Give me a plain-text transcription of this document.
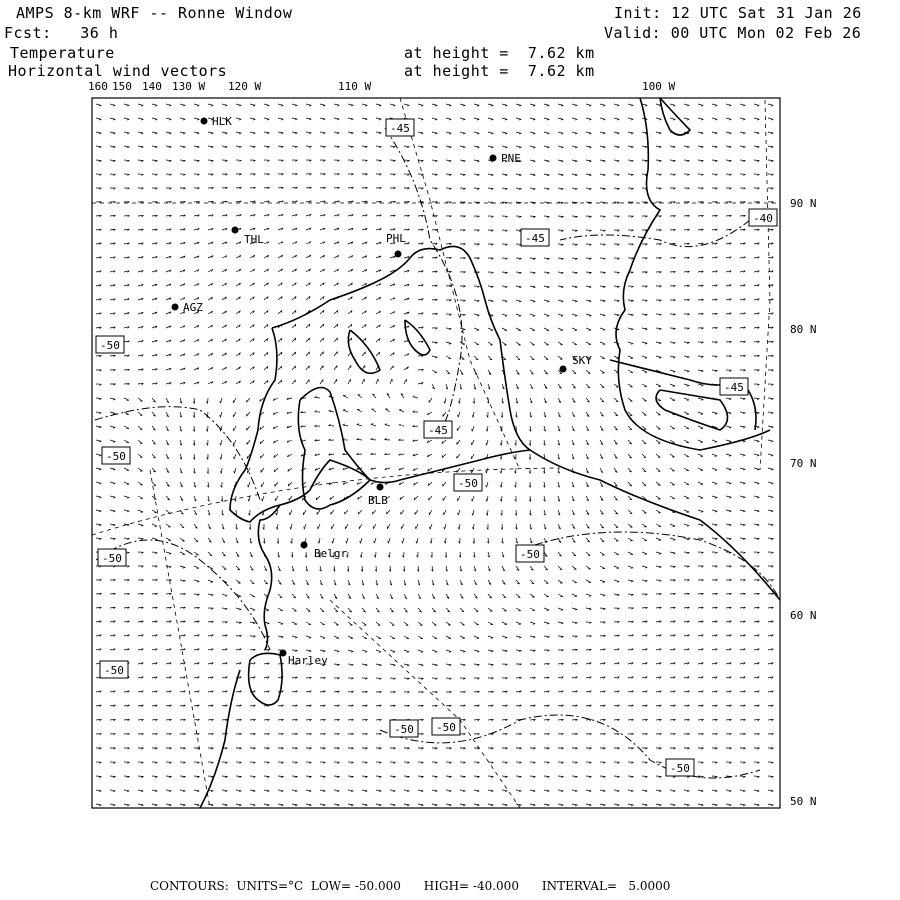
AMPS 8-km WRF -- Ronne Window	Init: 12 UTC Sat 31 Jan 26
Fcst:   36 h	Valid: 00 UTC Mon 02 Feb 26
Temperature	at height =  7.62 km
Horizontal wind vectors	at height =  7.62 km
160 150 140 130 W 120 W	110 W	100 W
90 N
80 N
70 N
60 N
50 N
HLK
PNE
THL	PHL
AGZ
SKY
BLB
Belgr
Harley
-45
-40
-45
-50
-50
-45
-50
-50	-50
-50
-50 -50
-50
-45
CONTOURS:  UNITS=°C  LOW= -50.000      HIGH= -40.000      INTERVAL=   5.0000
